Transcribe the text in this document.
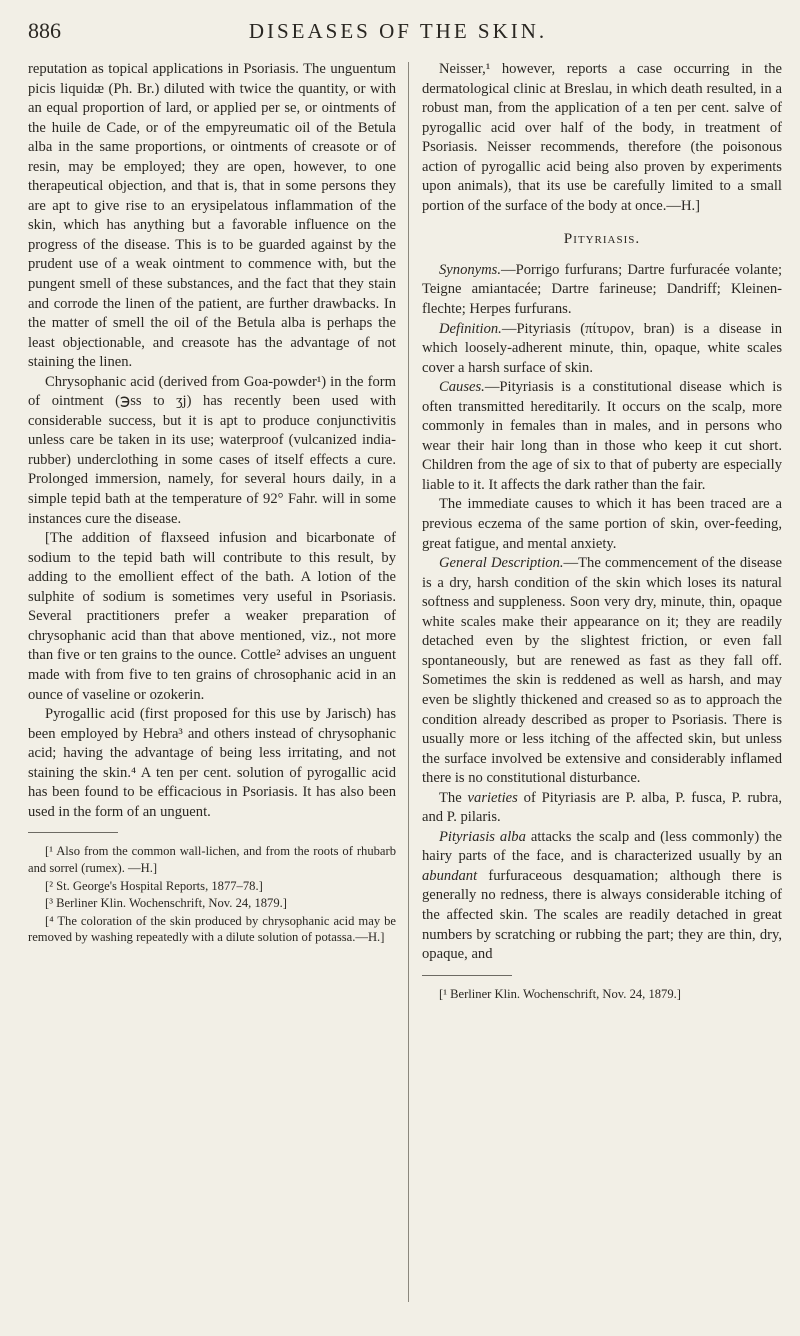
886	DISEASES OF THE SKIN.

reputation as topical applications in Psoriasis. The unguentum picis liquidæ (Ph. Br.) diluted with twice the quantity, or with an equal proportion of lard, or applied per se, or ointments of the huile de Cade, or of the empyreumatic oil of the Betula alba in the same proportions, or ointments of creasote or of resin, may be employed; they are open, however, to one therapeutical objection, and that is, that in some persons they are apt to give rise to an erysipelatous inflammation of the skin, which has anything but a favorable influence on the progress of the disease. This is to be guarded against by the prudent use of a weak ointment to commence with, but the pungent smell of these substances, and the fact that they stain and corrode the linen of the patient, are further drawbacks. In the matter of smell the oil of the Betula alba is perhaps the least objectionable, and creasote has the advantage of not staining the linen.

Chrysophanic acid (derived from Goa-powder¹) in the form of ointment (℈ss to ʒj) has recently been used with considerable success, but it is apt to produce conjunctivitis unless care be taken in its use; waterproof (vulcanized india-rubber) underclothing in some cases of itself effects a cure. Prolonged immersion, namely, for several hours daily, in a simple tepid bath at the temperature of 92° Fahr. will in some instances cure the disease.

[The addition of flaxseed infusion and bicarbonate of sodium to the tepid bath will contribute to this result, by adding to the emollient effect of the bath. A lotion of the sulphite of sodium is sometimes very useful in Psoriasis. Several practitioners prefer a weaker preparation of chrysophanic acid than that above mentioned, viz., not more than five or ten grains to the ounce. Cottle² advises an unguent made with from five to ten grains of chrosophanic acid in an ounce of vaseline or ozokerin.

Pyrogallic acid (first proposed for this use by Jarisch) has been employed by Hebra³ and others instead of chrysophanic acid; having the advantage of being less irritating, and not staining the skin.⁴ A ten per cent. solution of pyrogallic acid has been found to be efficacious in Psoriasis. It has also been used in the form of an unguent.

[¹ Also from the common wall-lichen, and from the roots of rhubarb and sorrel (rumex). —H.]

[² St. George's Hospital Reports, 1877–78.]

[³ Berliner Klin. Wochenschrift, Nov. 24, 1879.]

[⁴ The coloration of the skin produced by chrysophanic acid may be removed by washing repeatedly with a dilute solution of potassa.—H.]

Neisser,¹ however, reports a case occurring in the dermatological clinic at Breslau, in which death resulted, in a robust man, from the application of a ten per cent. salve of pyrogallic acid over half of the body, in treatment of Psoriasis. Neisser recommends, therefore (the poisonous action of pyrogallic acid being also proven by experiments upon animals), that its use be carefully limited to a small portion of the surface of the body at once.—H.]

Pityriasis.

Synonyms.—Porrigo furfurans; Dartre furfuracée volante; Teigne amiantacée; Dartre farineuse; Dandriff; Kleinen-flechte; Herpes furfurans.

Definition.—Pityriasis (πίτυρον, bran) is a disease in which loosely-adherent minute, thin, opaque, white scales cover a harsh surface of skin.

Causes.—Pityriasis is a constitutional disease which is often transmitted hereditarily. It occurs on the scalp, more commonly in females than in males, and in persons who wear their hair long than in those who keep it cut short. Children from the age of six to that of puberty are especially liable to it. It affects the dark rather than the fair.

The immediate causes to which it has been traced are a previous eczema of the same portion of skin, over-feeding, great fatigue, and mental anxiety.

General Description.—The commencement of the disease is a dry, harsh condition of the skin which loses its natural softness and suppleness. Soon very dry, minute, thin, opaque white scales make their appearance on it; they are readily detached even by the slightest friction, or even fall spontaneously, but are renewed as fast as they fall off. Sometimes the skin is reddened as well as harsh, and may even be slightly thickened and creased so as to approach the condition already described as proper to Psoriasis. There is usually more or less itching of the affected skin, but unless the surface involved be extensive and considerably inflamed there is no constitutional disturbance.

The varieties of Pityriasis are P. alba, P. fusca, P. rubra, and P. pilaris.

Pityriasis alba attacks the scalp and (less commonly) the hairy parts of the face, and is characterized usually by an abundant furfuraceous desquamation; although there is generally no redness, there is always considerable itching of the affected skin. The scales are readily detached in great numbers by scratching or rubbing the part; they are thin, dry, opaque, and

[¹ Berliner Klin. Wochenschrift, Nov. 24, 1879.]
